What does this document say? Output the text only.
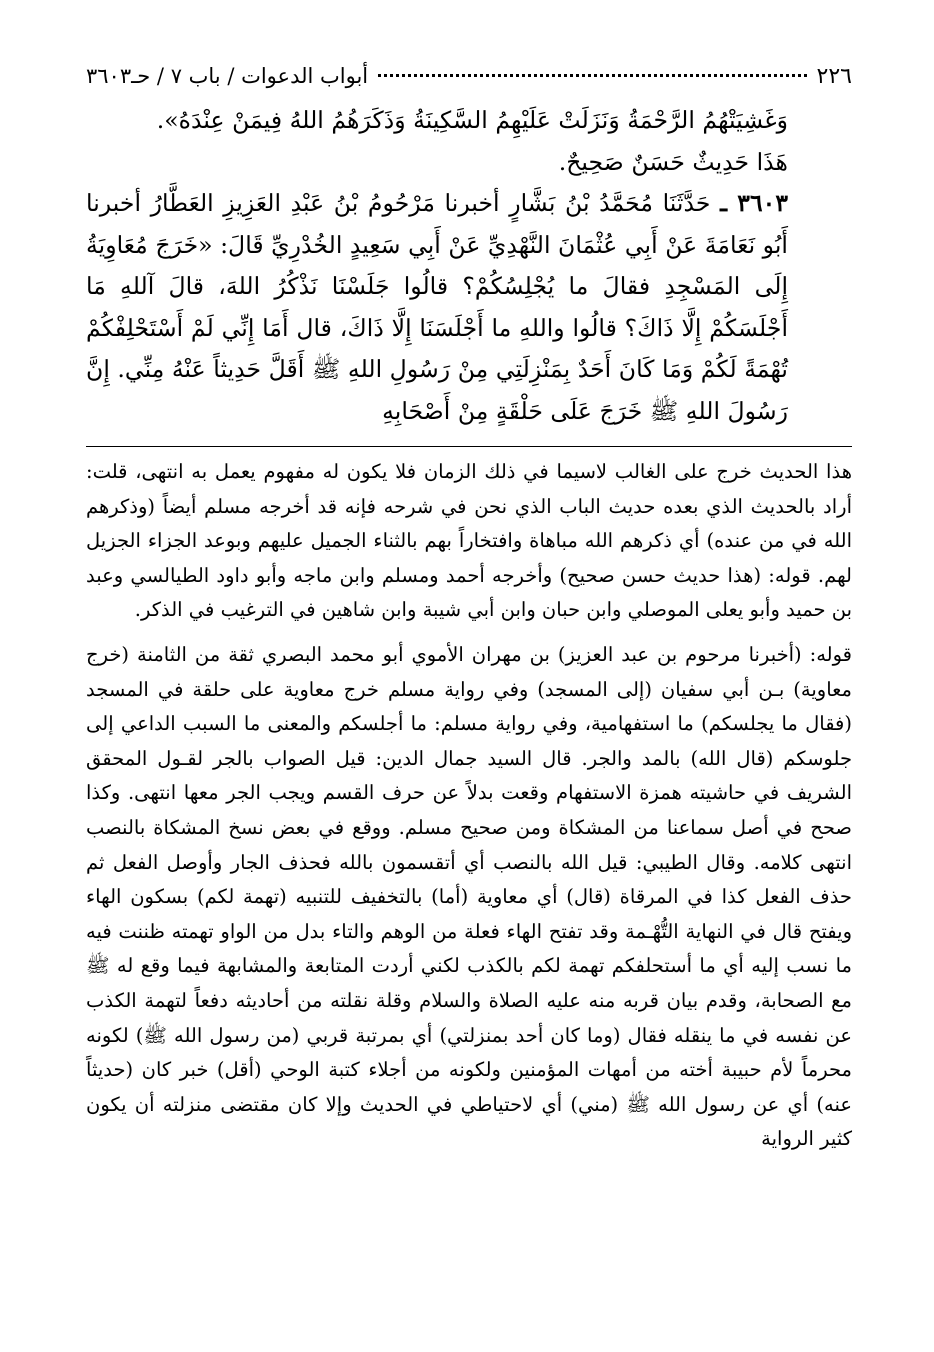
٢٢٦
أبواب الدعوات / باب ٧ / حـ٣٦٠٣

وَغَشِيَتْهُمُ الرَّحْمَةُ وَنَزَلَتْ عَلَيْهِمُ السَّكِينَةُ وَذَكَرَهُمُ اللهُ فِيمَنْ عِنْدَهُ».

هَذَا حَدِيثٌ حَسَنٌ صَحِيحٌ.

٣٦٠٣ ـ حَدَّثَنَا مُحَمَّدُ بْنُ بَشَّارٍ أخبرنا مَرْحُومُ بْنُ عَبْدِ العَزِيزِ العَطَّارُ أخبرنا أَبُو نَعَامَةَ عَنْ أَبِي عُثْمَانَ النَّهْدِيِّ عَنْ أَبِي سَعِيدٍ الخُدْرِيِّ قَالَ: «خَرَجَ مُعَاوِيَةُ إِلَى المَسْجِدِ فقالَ ما يُجْلِسُكُمْ؟ قالُوا جَلَسْنَا نَذْكُرُ اللهَ، قالَ آللهِ مَا أَجْلَسَكُمْ إِلَّا ذَاكَ؟ قالُوا واللهِ ما أَجْلَسَنَا إِلَّا ذَاكَ، قال أَمَا إِنِّي لَمْ أَسْتَحْلِفْكُمْ تُهْمَةً لَكُمْ وَمَا كَانَ أَحَدٌ بِمَنْزِلَتِي مِنْ رَسُولِ اللهِ ﷺ أَقَلَّ حَدِيثاً عَنْهُ مِنِّي. إِنَّ رَسُولَ اللهِ ﷺ خَرَجَ عَلَى حَلْقَةٍ مِنْ أَصْحَابِهِ

هذا الحديث خرج على الغالب لاسيما في ذلك الزمان فلا يكون له مفهوم يعمل به انتهى، قلت: أراد بالحديث الذي بعده حديث الباب الذي نحن في شرحه فإنه قد أخرجه مسلم أيضاً (وذكرهم الله في من عنده) أي ذكرهم الله مباهاة وافتخاراً بهم بالثناء الجميل عليهم وبوعد الجزاء الجزيل لهم. قوله: (هذا حديث حسن صحيح) وأخرجه أحمد ومسلم وابن ماجه وأبو داود الطيالسي وعبد بن حميد وأبو يعلى الموصلي وابن حبان وابن أبي شيبة وابن شاهين في الترغيب في الذكر.

قوله: (أخبرنا مرحوم بن عبد العزيز) بن مهران الأموي أبو محمد البصري ثقة من الثامنة (خرج معاوية) بـن أبي سفيان (إلى المسجد) وفي رواية مسلم خرج معاوية على حلقة في المسجد (فقال ما يجلسكم) ما استفهامية، وفي رواية مسلم: ما أجلسكم والمعنى ما السبب الداعي إلى جلوسكم (قال الله) بالمد والجر. قال السيد جمال الدين: قيل الصواب بالجر لقـول المحقق الشريف في حاشيته همزة الاستفهام وقعت بدلاً عن حرف القسم ويجب الجر معها انتهى. وكذا صحح في أصل سماعنا من المشكاة ومن صحيح مسلم. ووقع في بعض نسخ المشكاة بالنصب انتهى كلامه. وقال الطيبي: قيل الله بالنصب أي أتقسمون بالله فحذف الجار وأوصل الفعل ثم حذف الفعل كذا في المرقاة (قال) أي معاوية (أما) بالتخفيف للتنبيه (تهمة لكم) بسكون الهاء ويفتح قال في النهاية التُّهْـمة وقد تفتح الهاء فعلة من الوهم والتاء بدل من الواو تهمته ظننت فيه ما نسب إليه أي ما أستحلفكم تهمة لكم بالكذب لكني أردت المتابعة والمشابهة فيما وقع له ﷺ مع الصحابة، وقدم بيان قربه منه عليه الصلاة والسلام وقلة نقلته من أحاديثه دفعاً لتهمة الكذب عن نفسه في ما ينقله فقال (وما كان أحد بمنزلتي) أي بمرتبة قربي (من رسول الله ﷺ) لكونه محرماً لأم حبيبة أخته من أمهات المؤمنين ولكونه من أجلاء كتبة الوحي (أقل) خبر كان (حديثاً عنه) أي عن رسول الله ﷺ (مني) أي لاحتياطي في الحديث وإلا كان مقتضى منزلته أن يكون كثير الرواية
